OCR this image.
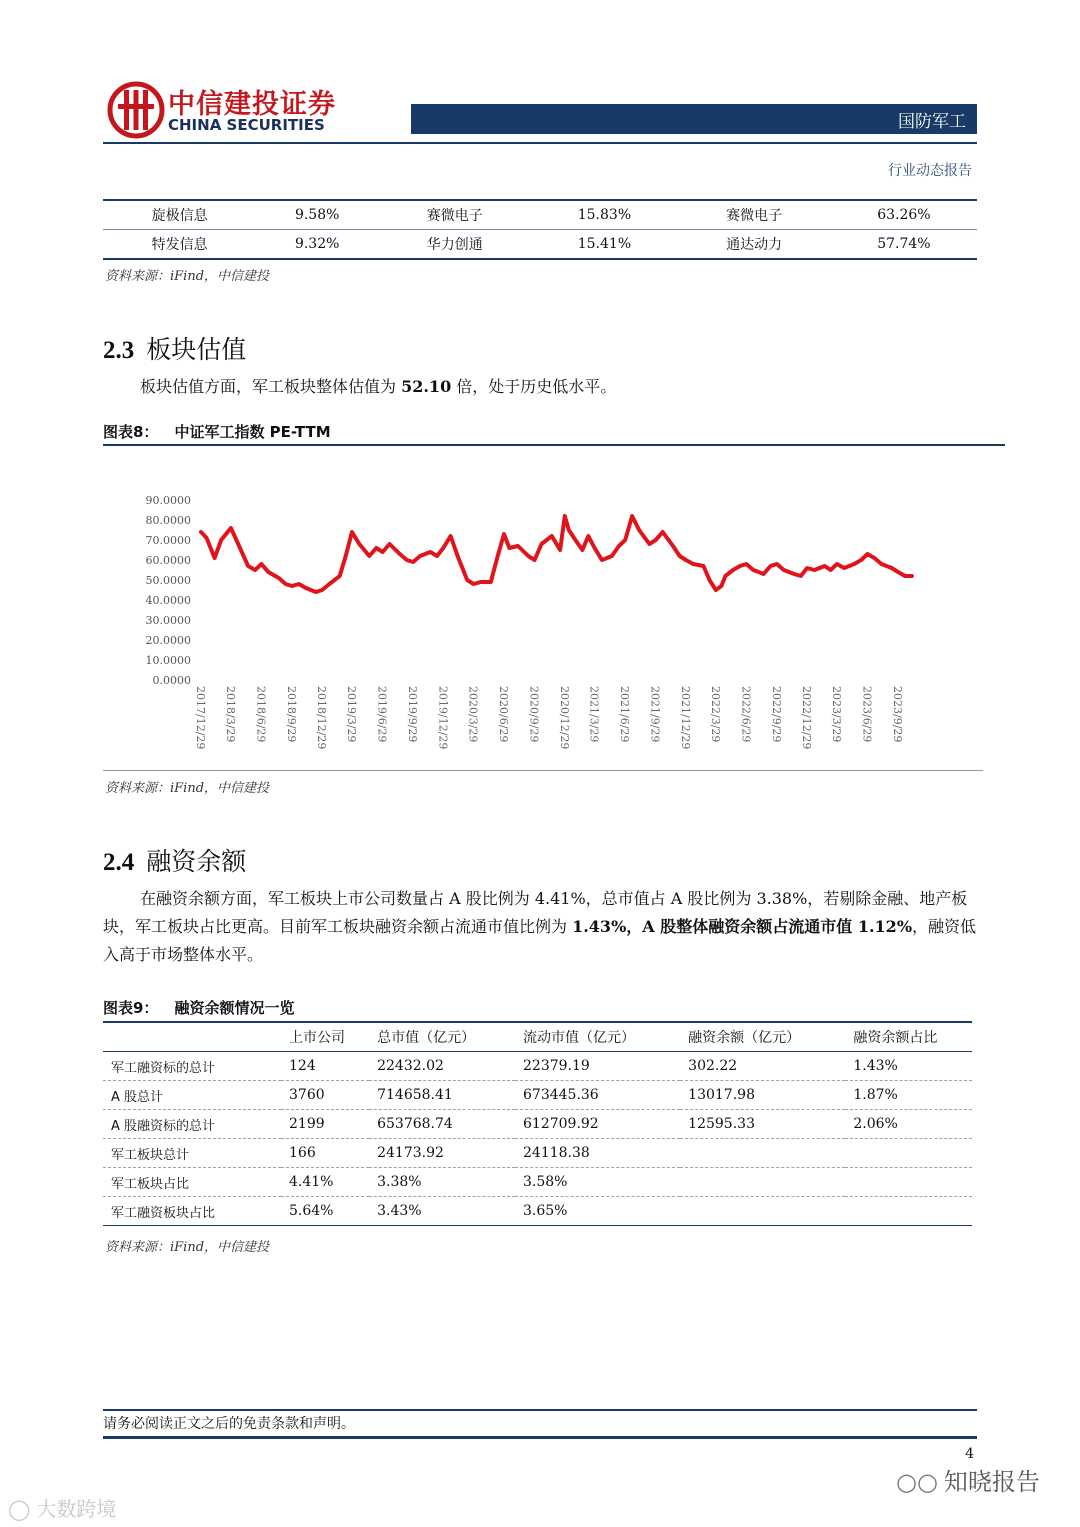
中信建投证券
CHINA SECURITIES	国防军工
行业动态报告
旋极信息	9.58%	赛微电子	15.83%	赛微电子	63.26%
特发信息	9.32%	华力创通	15.41%	通达动力	57.74%
资料来源：iFind，中信建投
2.3 板块估值
板块估值方面，军工板块整体估值为 52.10 倍，处于历史低水平。
图表8： 中证军工指数 PE-TTM
90.0000
80.0000
70.0000
60.0000
50.0000
40.0000
30.0000
20.0000
10.0000
0.0000
2017/12/29 2018/3/29 2018/6/29 2018/9/29 2018/12/29 2019/3/29 2019/6/29 2019/9/29 2019/12/29 2020/3/29 2020/6/29 2020/9/29 2020/12/29 2021/3/29 2021/6/29 2021/9/29 2021/12/29 2022/3/29 2022/6/29 2022/9/29 2022/12/29 2023/3/29 2023/6/29 2023/9/29
资料来源：iFind，中信建投
2.4 融资余额
在融资余额方面，军工板块上市公司数量占 A 股比例为 4.41%，总市值占 A 股比例为 3.38%，若剔除金融、地产板块，军工板块占比更高。目前军工板块融资余额占流通市值比例为 1.43%，A 股整体融资余额占流通市值 1.12%，融资低入高于市场整体水平。
图表9： 融资余额情况一览
	上市公司	总市值（亿元）	流动市值（亿元）	融资余额（亿元）	融资余额占比
军工融资标的总计	124	22432.02	22379.19	302.22	1.43%
A 股总计	3760	714658.41	673445.36	13017.98	1.87%
A 股融资标的总计	2199	653768.74	612709.92	12595.33	2.06%
军工板块总计	166	24173.92	24118.38		
军工板块占比	4.41%	3.38%	3.58%		
军工融资板块占比	5.64%	3.43%	3.65%		
资料来源：iFind，中信建投
请务必阅读正文之后的免责条款和声明。
4
○○ 知晓报告
◯ 大数跨境
